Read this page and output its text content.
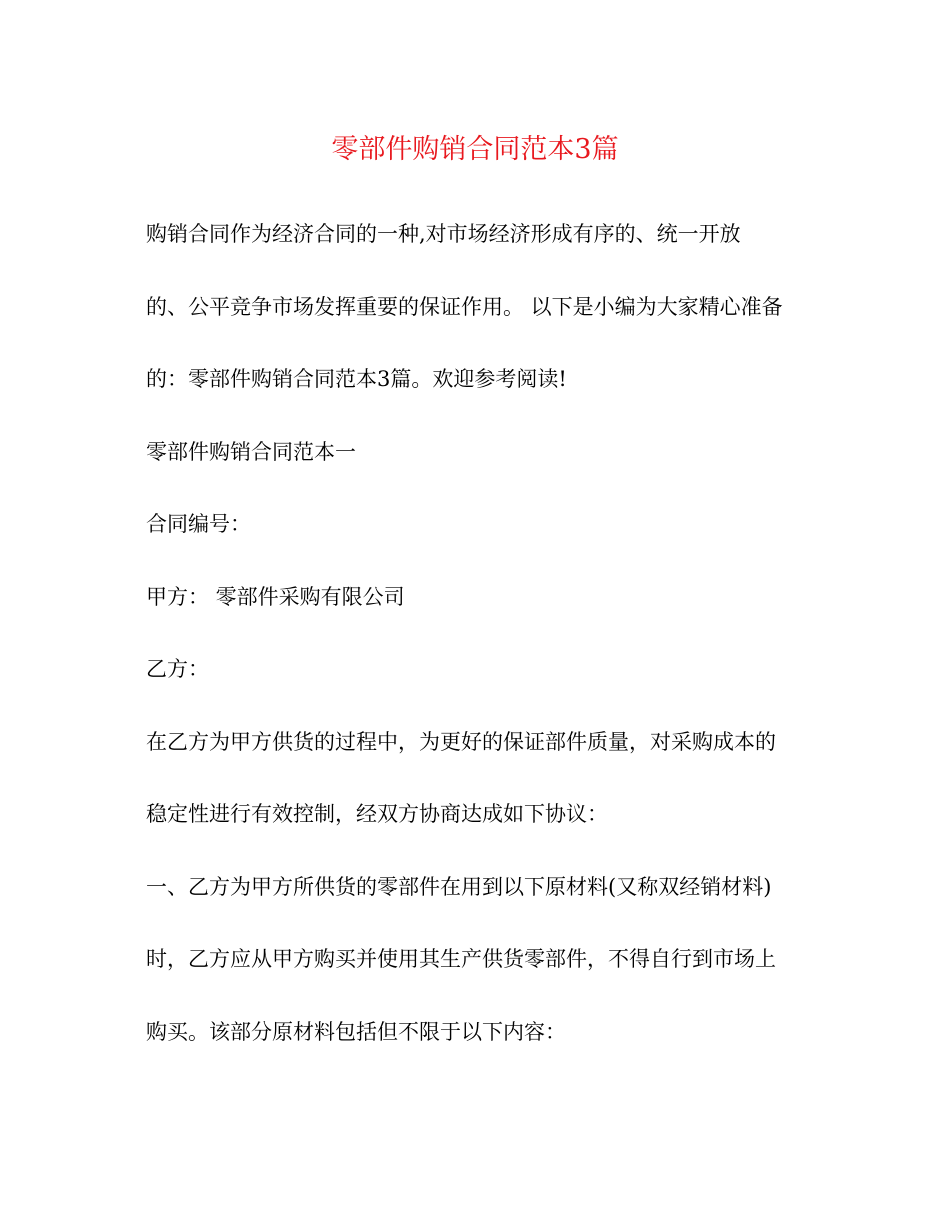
零部件购销合同范本3篇
购销合同作为经济合同的一种,对市场经济形成有序的、统一开放
的、公平竞争市场发挥重要的保证作用。 以下是小编为大家精心准备
的：零部件购销合同范本3篇。欢迎参考阅读!
零部件购销合同范本一
合同编号：
甲方： 零部件采购有限公司
乙方：
在乙方为甲方供货的过程中，为更好的保证部件质量，对采购成本的
稳定性进行有效控制，经双方协商达成如下协议：
一、乙方为甲方所供货的零部件在用到以下原材料(又称双经销材料)
时，乙方应从甲方购买并使用其生产供货零部件，不得自行到市场上
购买。该部分原材料包括但不限于以下内容：
